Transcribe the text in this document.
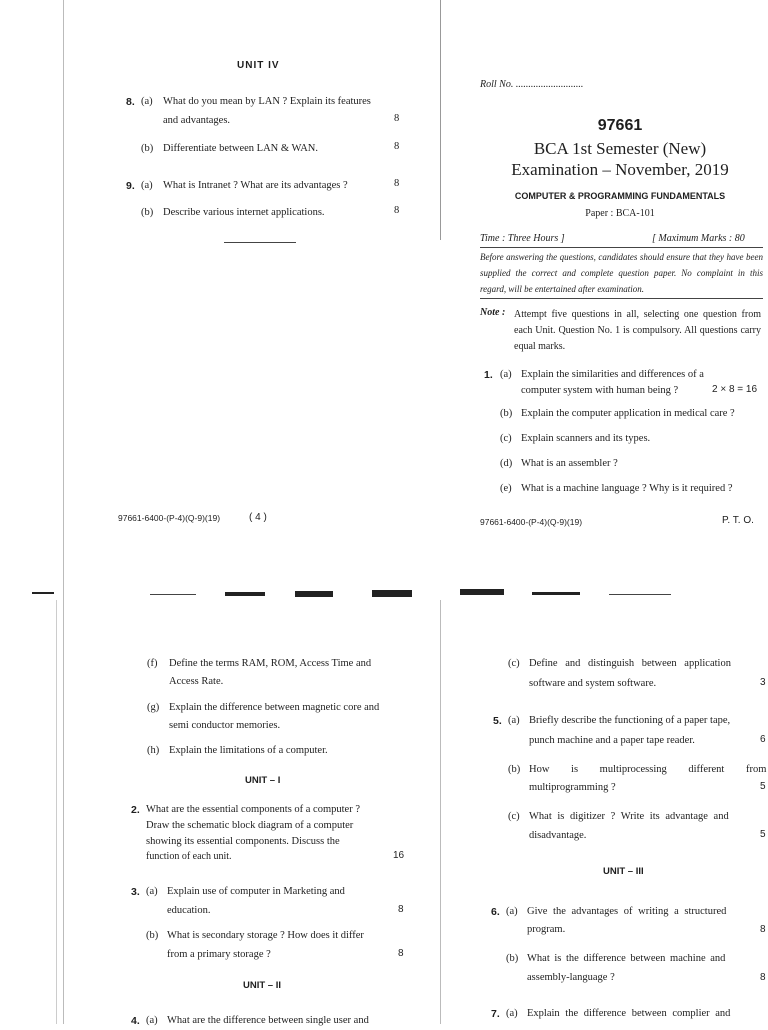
UNIT IV
8. (a) What do you mean by LAN ? Explain its features
and advantages.	8
(b) Differentiate between LAN & WAN.	8
9. (a) What is Intranet ? What are its advantages ?	8
(b) Describe various internet applications.	8
97661-6400-(P-4)(Q-9)(19)	( 4 )
Roll No. ...........................
97661
BCA 1st Semester (New)
Examination – November, 2019
COMPUTER & PROGRAMMING FUNDAMENTALS
Paper : BCA-101
Time : Three Hours ]	[ Maximum Marks : 80
Before answering the questions, candidates should ensure that they have been supplied the correct and complete question paper. No complaint in this regard, will be entertained after examination.
Note : Attempt five questions in all, selecting one question from each Unit. Question No. 1 is compulsory. All questions carry equal marks.
1. (a) Explain the similarities and differences of a
computer system with human being ?	2 × 8 = 16
(b) Explain the computer application in medical care ?
(c) Explain scanners and its types.
(d) What is an assembler ?
(e) What is a machine language ? Why is it required ?
97661-6400-(P-4)(Q-9)(19)	P. T. O.
(f) Define the terms RAM, ROM, Access Time and
Access Rate.
(g) Explain the difference between magnetic core and
semi conductor memories.
(h) Explain the limitations of a computer.
UNIT – I
2. What are the essential components of a computer ?
Draw the schematic block diagram of a computer
showing its essential components. Discuss the
function of each unit.	16
3. (a) Explain use of computer in Marketing and
education.	8
(b) What is secondary storage ? How does it differ
from a primary storage ?	8
UNIT – II
4. (a) What are the difference between single user and
(c) Define and distinguish between application
software and system software.	3
5. (a) Briefly describe the functioning of a paper tape,
punch machine and a paper tape reader.	6
(b) How is multiprocessing different from
multiprogramming ?	5
(c) What is digitizer ? Write its advantage and
disadvantage.	5
UNIT – III
6. (a) Give the advantages of writing a structured
program.	8
(b) What is the difference between machine and
assembly-language ?	8
7. (a) Explain the difference between complier and
